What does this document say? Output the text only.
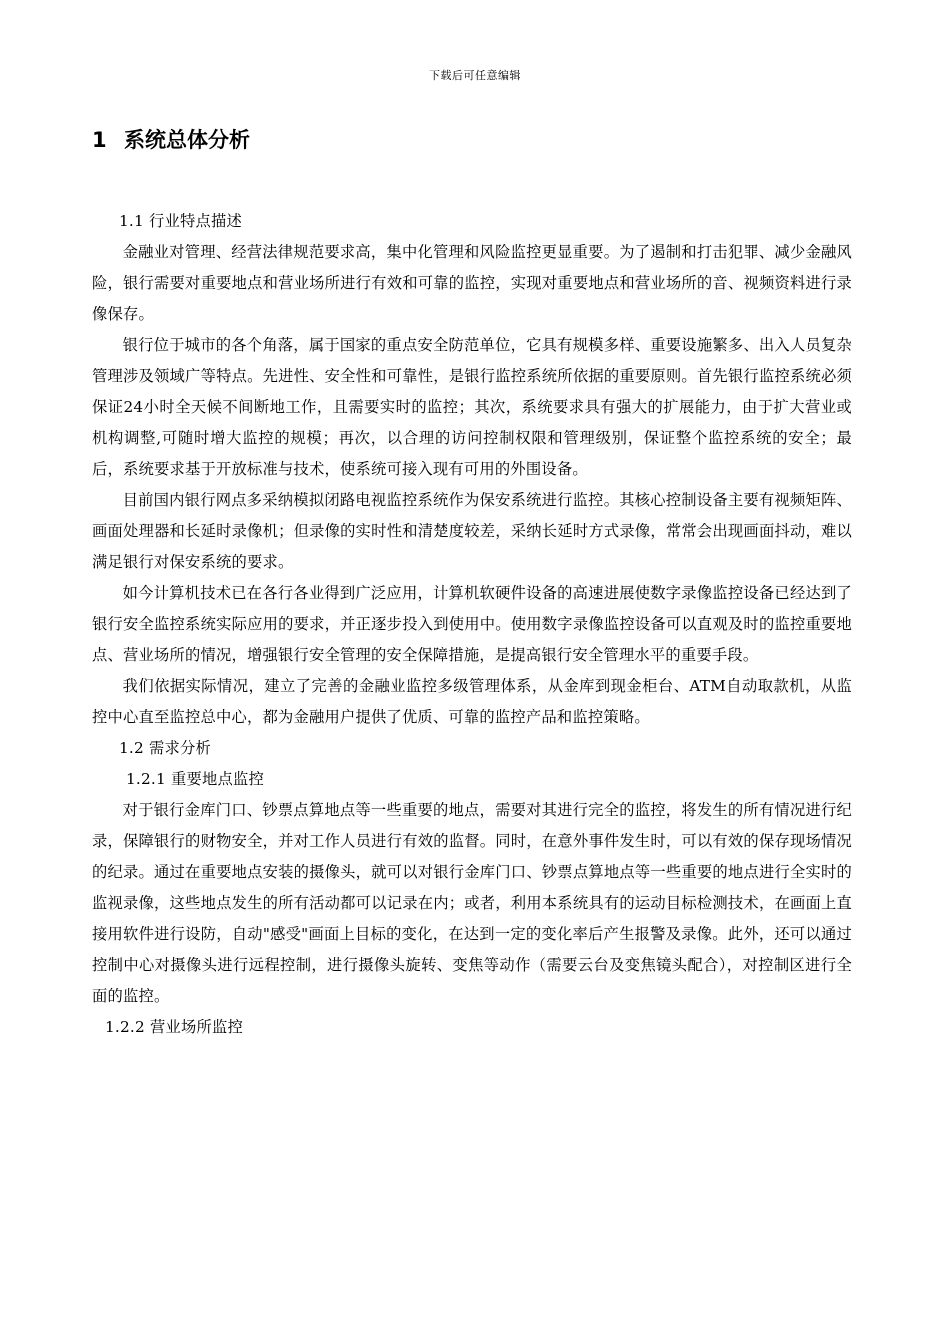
下载后可任意编辑
1 系统总体分析
1.1 行业特点描述

金融业对管理、经营法律规范要求高，集中化管理和风险监控更显重要。为了遏制和打击犯罪、减少金融风险，银行需要对重要地点和营业场所进行有效和可靠的监控，实现对重要地点和营业场所的音、视频资料进行录像保存。

银行位于城市的各个角落，属于国家的重点安全防范单位，它具有规模多样、重要设施繁多、出入人员复杂管理涉及领域广等特点。先进性、安全性和可靠性，是银行监控系统所依据的重要原则。首先银行监控系统必须保证24小时全天候不间断地工作，且需要实时的监控；其次，系统要求具有强大的扩展能力，由于扩大营业或机构调整,可随时增大监控的规模；再次，以合理的访问控制权限和管理级别，保证整个监控系统的安全；最后，系统要求基于开放标准与技术，使系统可接入现有可用的外围设备。

目前国内银行网点多采纳模拟闭路电视监控系统作为保安系统进行监控。其核心控制设备主要有视频矩阵、画面处理器和长延时录像机；但录像的实时性和清楚度较差，采纳长延时方式录像，常常会出现画面抖动，难以满足银行对保安系统的要求。

如今计算机技术已在各行各业得到广泛应用，计算机软硬件设备的高速进展使数字录像监控设备已经达到了银行安全监控系统实际应用的要求，并正逐步投入到使用中。使用数字录像监控设备可以直观及时的监控重要地点、营业场所的情况，增强银行安全管理的安全保障措施，是提高银行安全管理水平的重要手段。

我们依据实际情况，建立了完善的金融业监控多级管理体系，从金库到现金柜台、ATM自动取款机，从监控中心直至监控总中心，都为金融用户提供了优质、可靠的监控产品和监控策略。

1.2 需求分析
1.2.1 重要地点监控

对于银行金库门口、钞票点算地点等一些重要的地点，需要对其进行完全的监控，将发生的所有情况进行纪录，保障银行的财物安全，并对工作人员进行有效的监督。同时，在意外事件发生时，可以有效的保存现场情况的纪录。通过在重要地点安装的摄像头，就可以对银行金库门口、钞票点算地点等一些重要的地点进行全实时的监视录像，这些地点发生的所有活动都可以记录在内；或者，利用本系统具有的运动目标检测技术，在画面上直接用软件进行设防，自动"感受"画面上目标的变化，在达到一定的变化率后产生报警及录像。此外，还可以通过控制中心对摄像头进行远程控制，进行摄像头旋转、变焦等动作（需要云台及变焦镜头配合），对控制区进行全面的监控。

1.2.2 营业场所监控
